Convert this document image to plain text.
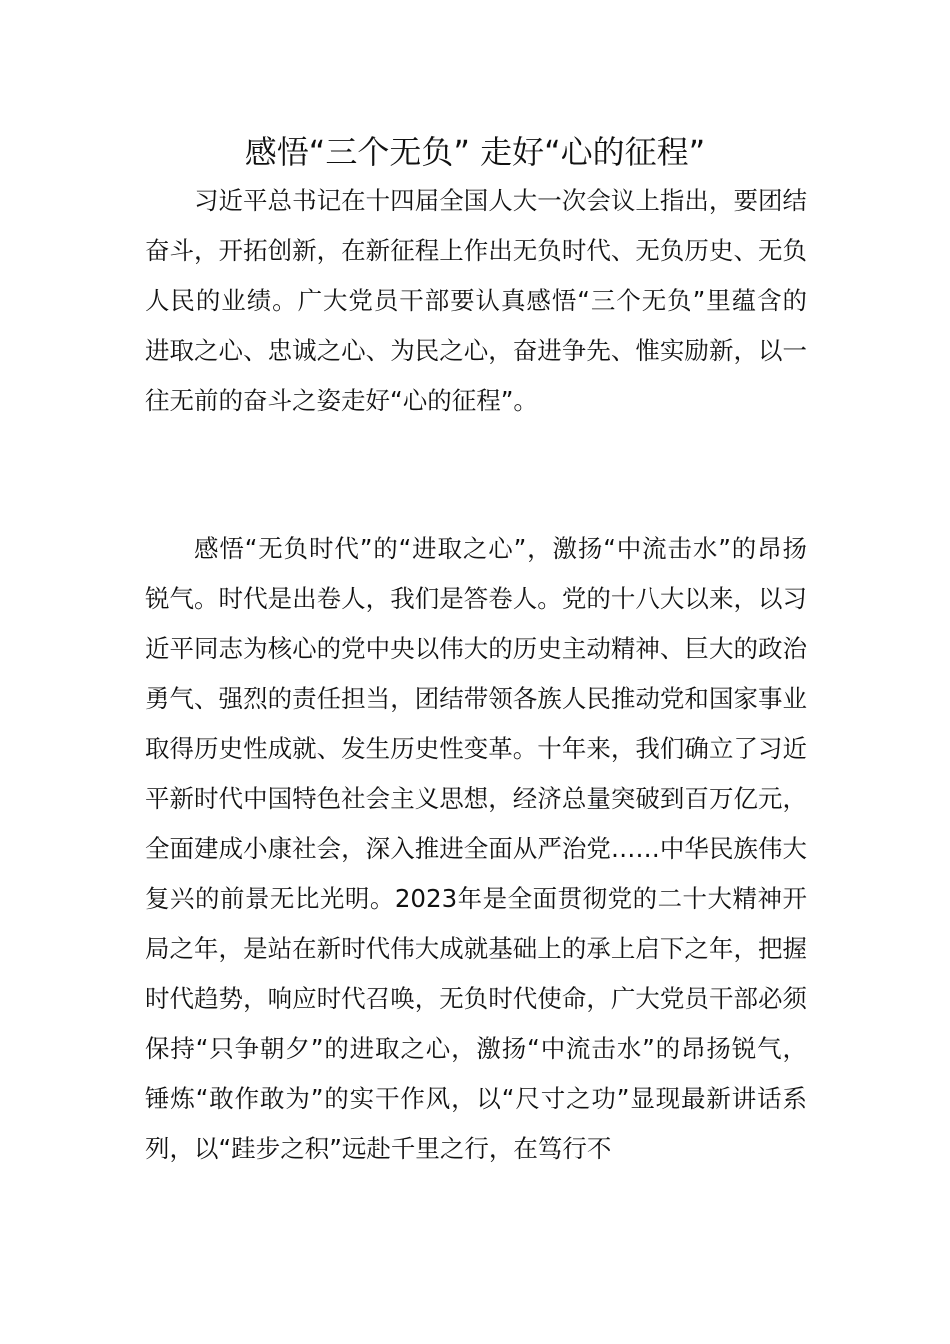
感悟“三个无负” 走好“心的征程”
习近平总书记在十四届全国人大一次会议上指出，要团结奋斗，开拓创新，在新征程上作出无负时代、无负历史、无负人民的业绩。广大党员干部要认真感悟“三个无负”里蕴含的进取之心、忠诚之心、为民之心，奋进争先、惟实励新，以一往无前的奋斗之姿走好“心的征程”。
感悟“无负时代”的“进取之心”，激扬“中流击水”的昂扬锐气。时代是出卷人，我们是答卷人。党的十八大以来，以习近平同志为核心的党中央以伟大的历史主动精神、巨大的政治勇气、强烈的责任担当，团结带领各族人民推动党和国家事业取得历史性成就、发生历史性变革。十年来，我们确立了习近平新时代中国特色社会主义思想，经济总量突破到百万亿元，全面建成小康社会，深入推进全面从严治党……中华民族伟大复兴的前景无比光明。2023年是全面贯彻党的二十大精神开局之年，是站在新时代伟大成就基础上的承上启下之年，把握时代趋势，响应时代召唤，无负时代使命，广大党员干部必须保持“只争朝夕”的进取之心，激扬“中流击水”的昂扬锐气，锤炼“敢作敢为”的实干作风，以“尺寸之功”显现最新讲话系列，以“跬步之积”远赴千里之行，在笃行不
